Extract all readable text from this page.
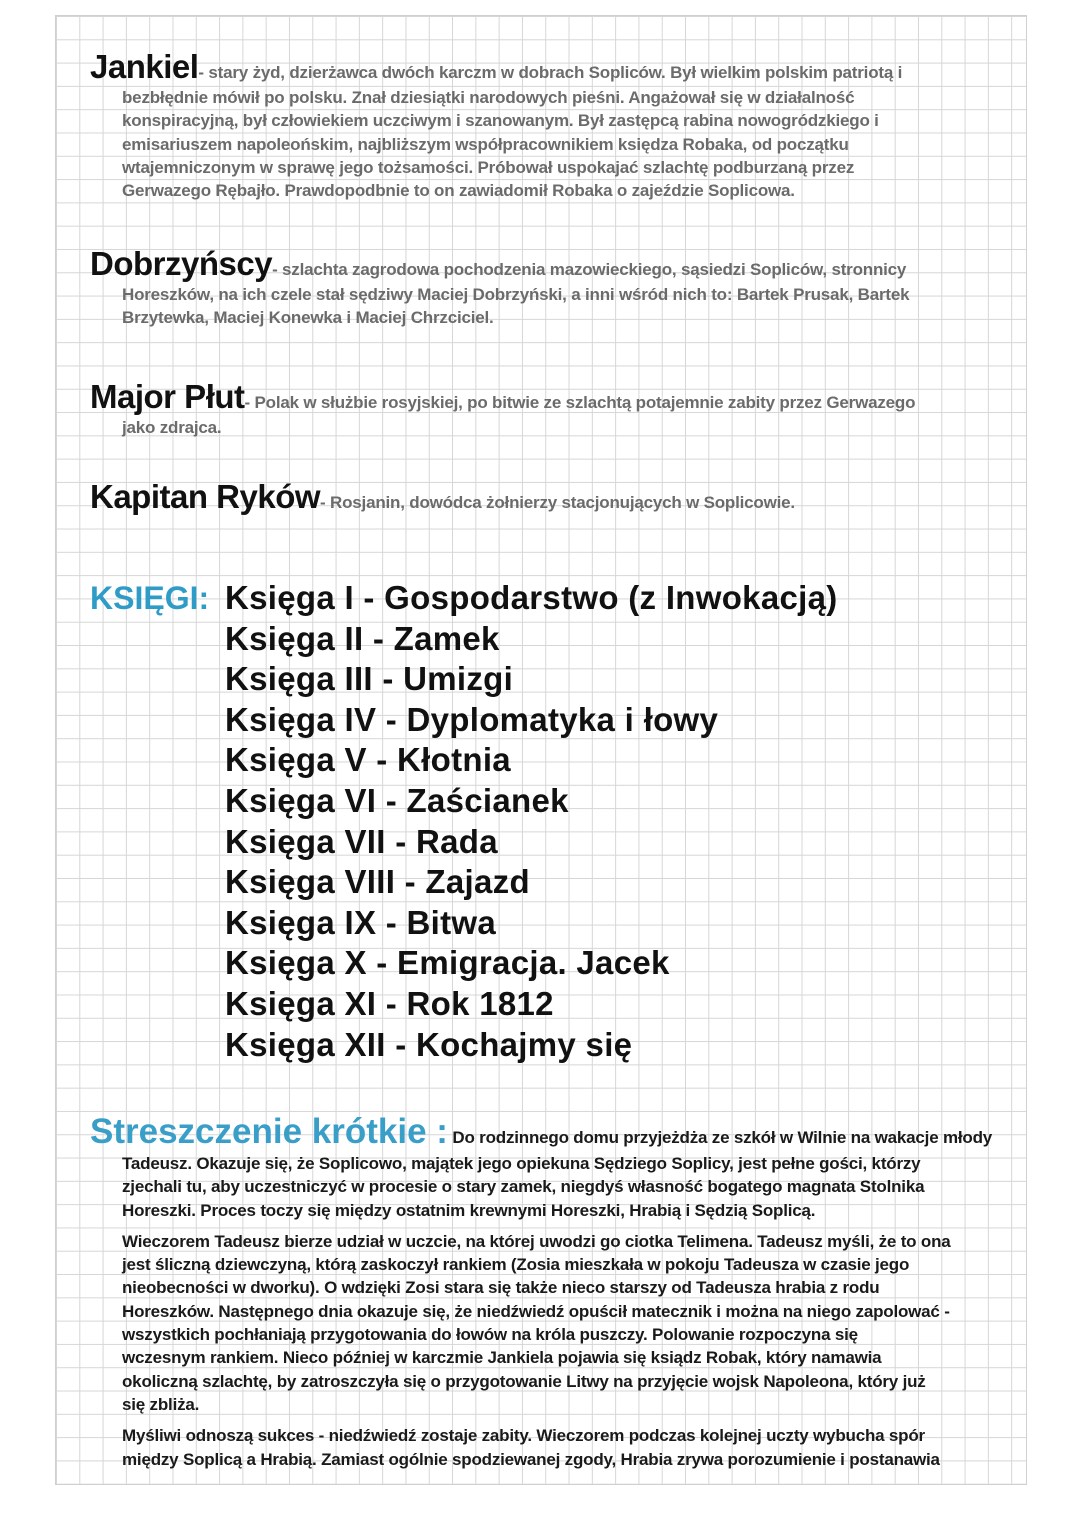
Jankiel- stary żyd, dzierżawca dwóch karczm w dobrach Sopliców. Był wielkim polskim patriotą i
bezbłędnie mówił po polsku. Znał dziesiątki narodowych pieśni. Angażował się w działalność
konspiracyjną, był człowiekiem uczciwym i szanowanym. Był zastępcą rabina nowogródzkiego i
emisariuszem napoleońskim, najbliższym współpracownikiem księdza Robaka, od początku
wtajemniczonym w sprawę jego tożsamości. Próbował uspokajać szlachtę podburzaną przez
Gerwazego Rębajło. Prawdopodbnie to on zawiadomił Robaka o zajeździe Soplicowa.
Dobrzyńscy- szlachta zagrodowa pochodzenia mazowieckiego, sąsiedzi Sopliców, stronnicy
Horeszków, na ich czele stał sędziwy Maciej Dobrzyński, a inni wśród nich to: Bartek Prusak, Bartek
Brzytewka, Maciej Konewka i Maciej Chrzciciel.
Major Płut- Polak w służbie rosyjskiej, po bitwie ze szlachtą potajemnie zabity przez Gerwazego
jako zdrajca.
Kapitan Ryków- Rosjanin, dowódca żołnierzy stacjonujących w Soplicowie.
KSIĘGI: Księga I - Gospodarstwo (z Inwokacją)
Księga II - Zamek
Księga III - Umizgi
Księga IV - Dyplomatyka i łowy
Księga V - Kłotnia
Księga VI - Zaścianek
Księga VII - Rada
Księga VIII - Zajazd
Księga IX - Bitwa
Księga X - Emigracja. Jacek
Księga XI - Rok 1812
Księga XII - Kochajmy się
Streszczenie krótkie : Do rodzinnego domu przyjeżdża ze szkół w Wilnie na wakacje młody
Tadeusz. Okazuje się, że Soplicowo, majątek jego opiekuna Sędziego Soplicy, jest pełne gości, którzy
zjechali tu, aby uczestniczyć w procesie o stary zamek, niegdyś własność bogatego magnata Stolnika
Horeszki. Proces toczy się między ostatnim krewnymi Horeszki, Hrabią i Sędzią Soplicą.
Wieczorem Tadeusz bierze udział w uczcie, na której uwodzi go ciotka Telimena. Tadeusz myśli, że to ona
jest śliczną dziewczyną, którą zaskoczył rankiem (Zosia mieszkała w pokoju Tadeusza w czasie jego
nieobecności w dworku). O wdzięki Zosi stara się także nieco starszy od Tadeusza hrabia z rodu
Horeszków. Następnego dnia okazuje się, że niedźwiedź opuścił matecznik i można na niego zapolować -
wszystkich pochłaniają przygotowania do łowów na króla puszczy. Polowanie rozpoczyna się
wczesnym rankiem. Nieco później w karczmie Jankiela pojawia się ksiądz Robak, który namawia
okoliczną szlachtę, by zatroszczyła się o przygotowanie Litwy na przyjęcie wojsk Napoleona, który już
się zbliża.
Myśliwi odnoszą sukces - niedźwiedź zostaje zabity. Wieczorem podczas kolejnej uczty wybucha spór
między Soplicą a Hrabią. Zamiast ogólnie spodziewanej zgody, Hrabia zrywa porozumienie i postanawia
